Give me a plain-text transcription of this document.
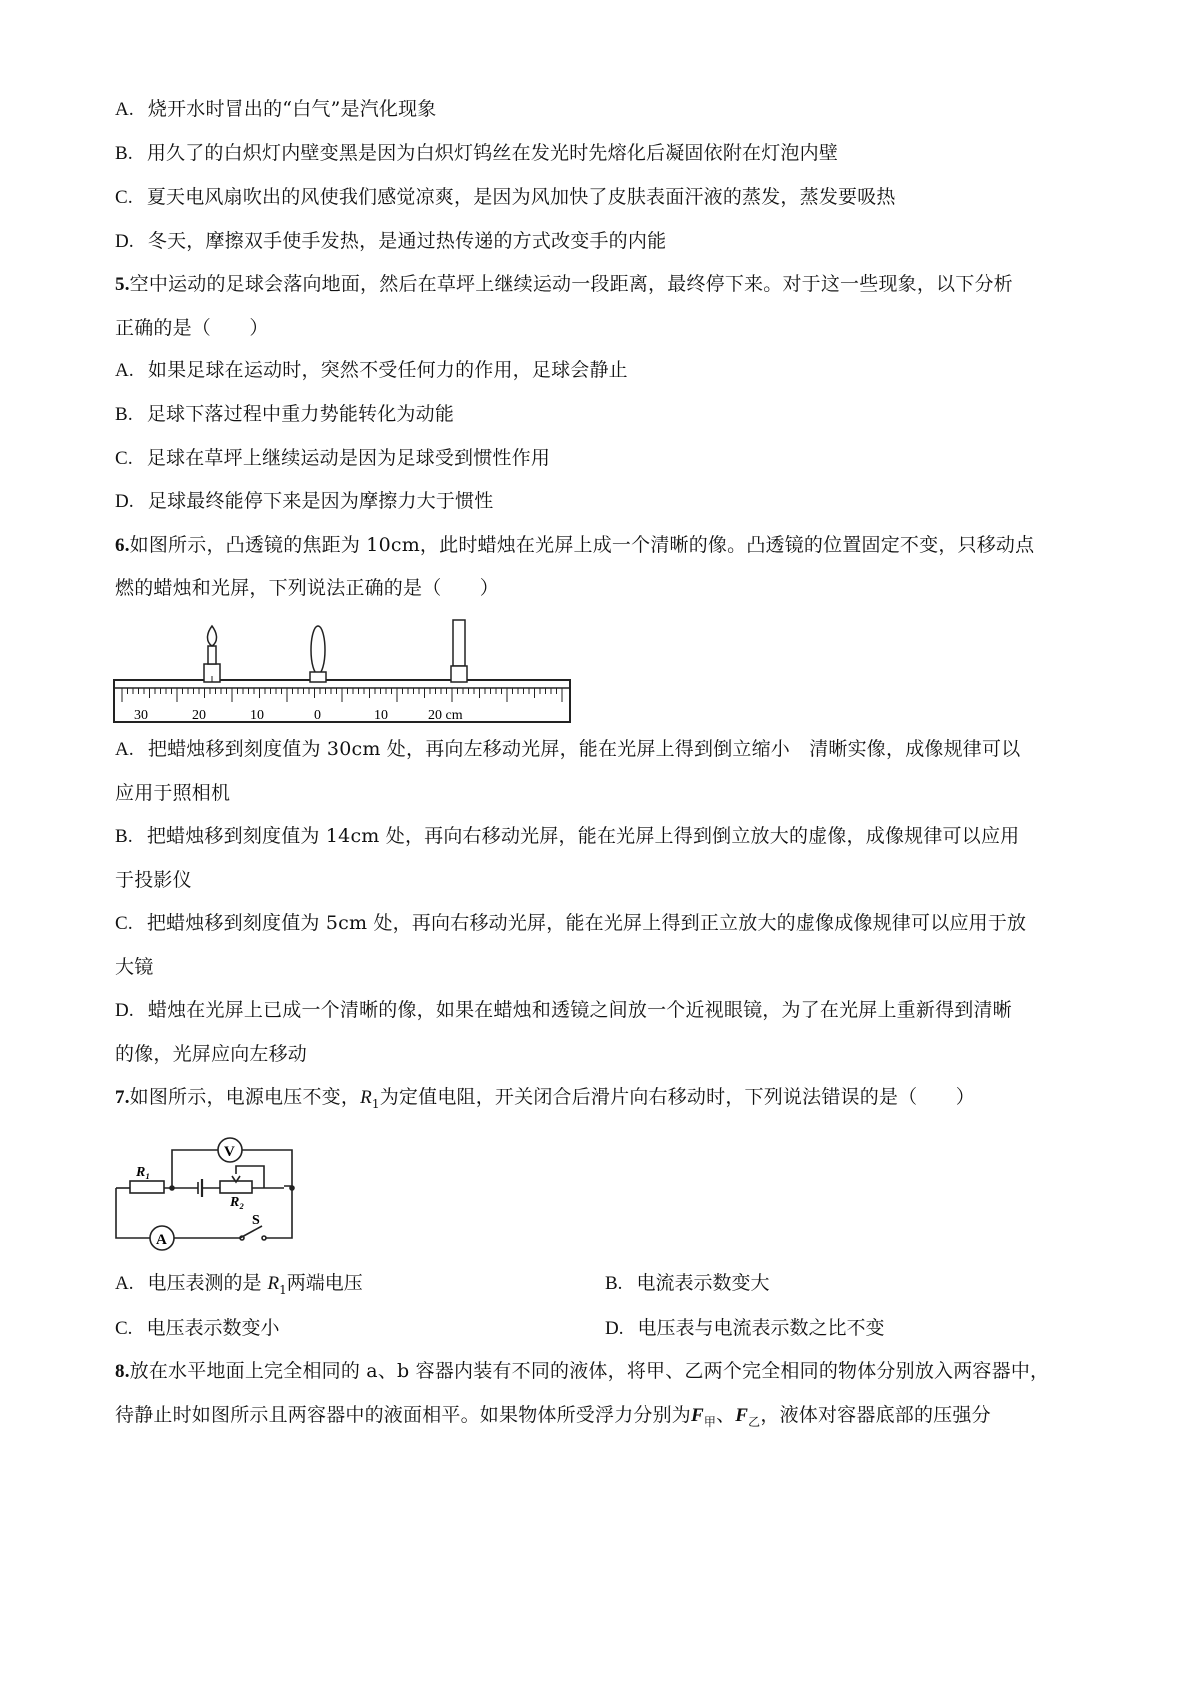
A. 烧开水时冒出的“白气”是汽化现象
B. 用久了的白炽灯内壁变黑是因为白炽灯钨丝在发光时先熔化后凝固依附在灯泡内壁
C. 夏天电风扇吹出的风使我们感觉凉爽，是因为风加快了皮肤表面汗液的蒸发，蒸发要吸热
D. 冬天，摩擦双手使手发热，是通过热传递的方式改变手的内能
5.空中运动的足球会落向地面，然后在草坪上继续运动一段距离，最终停下来。对于这一些现象，以下分析
正确的是（　　）
A. 如果足球在运动时，突然不受任何力的作用，足球会静止
B. 足球下落过程中重力势能转化为动能
C. 足球在草坪上继续运动是因为足球受到惯性作用
D. 足球最终能停下来是因为摩擦力大于惯性
6.如图所示，凸透镜的焦距为 10cm，此时蜡烛在光屏上成一个清晰的像。凸透镜的位置固定不变，只移动点
燃的蜡烛和光屏，下列说法正确的是（　　）
30	20	10	0	10	20 cm
A. 把蜡烛移到刻度值为 30cm 处，再向左移动光屏，能在光屏上得到倒立缩小　清晰实像，成像规律可以
应用于照相机
B. 把蜡烛移到刻度值为 14cm 处，再向右移动光屏，能在光屏上得到倒立放大的虚像，成像规律可以应用
于投影仪
C. 把蜡烛移到刻度值为 5cm 处，再向右移动光屏，能在光屏上得到正立放大的虚像成像规律可以应用于放
大镜
D. 蜡烛在光屏上已成一个清晰的像，如果在蜡烛和透镜之间放一个近视眼镜，为了在光屏上重新得到清晰
的像，光屏应向左移动
7.如图所示，电源电压不变，$R_1$为定值电阻，开关闭合后滑片向右移动时，下列说法错误的是（　　）
V
A
R₁
R₂
S
A. 电压表测的是 $R_1$两端电压	B. 电流表示数变大
C. 电压表示数变小	D. 电压表与电流表示数之比不变
8.放在水平地面上完全相同的 a、b 容器内装有不同的液体，将甲、乙两个完全相同的物体分别放入两容器中，
待静止时如图所示且两容器中的液面相平。如果物体所受浮力分别为$F_甲$、$F_乙$，液体对容器底部的压强分
